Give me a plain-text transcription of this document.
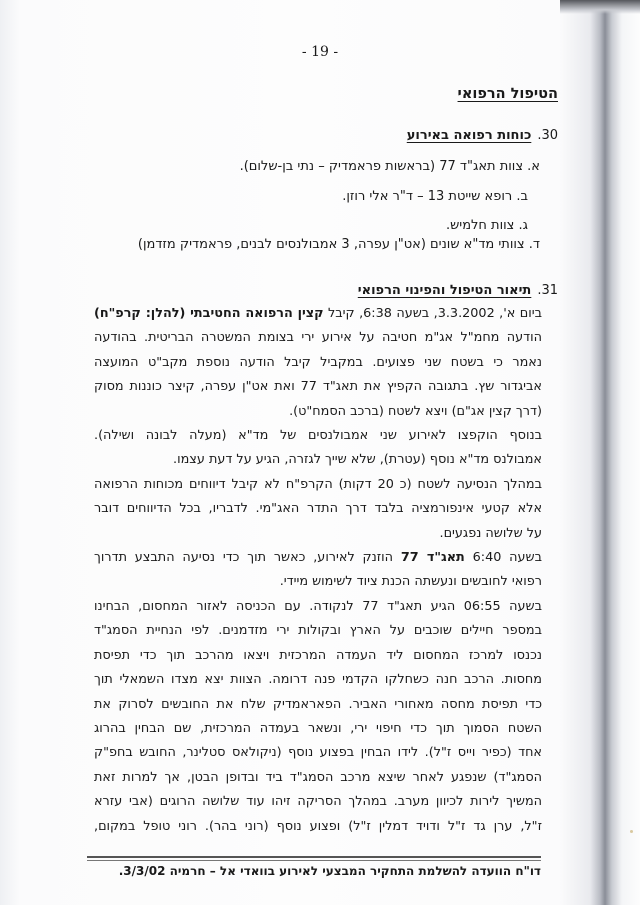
- 19 -
הטיפול הרפואי
30.כוחות רפואה באירוע
א. צוות תאג"ד 77 (בראשות פראמדיק – נתי בן-שלום).
ב. רופא שייטת 13 – ד"ר אלי רוזן.
ג. צוות חלמיש.
ד. צוותי מד"א שונים (אט"ן עפרה, 3 אמבולנסים לבנים, פראמדיק מזדמן)
31.תיאור הטיפול והפינוי הרפואי
ביום א', 3.3.2002, בשעה 6:38, קיבל קצין הרפואה החטיבתי (להלן: קרפ"ח)
הודעה מחמ"ל אג"מ חטיבה על אירוע ירי בצומת המשטרה הבריטית. בהודעה
נאמר כי בשטח שני פצועים. במקביל קיבל הודעה נוספת מקב"ט המועצה
אביגדור שץ. בתגובה הקפיץ את תאג"ד 77 ואת אט"ן עפרה, קיצר כוננות מסוק
(דרך קצין אג"ם) ויצא לשטח (ברכב הסמח"ט).
בנוסף הוקפצו לאירוע שני אמבולנסים של מד"א (מעלה לבונה ושילה).
אמבולנס מד"א נוסף (עטרת), שלא שייך לגזרה, הגיע על דעת עצמו.
במהלך הנסיעה לשטח (כ 20 דקות) הקרפ"ח לא קיבל דיווחים מכוחות הרפואה
אלא קטעי אינפורמציה בלבד דרך התדר האג"מי. לדבריו, בכל הדיווחים דובר
על שלושה נפגעים.
בשעה 6:40 תאג"ד 77 הוזנק לאירוע, כאשר תוך כדי נסיעה התבצע תדרוך
רפואי לחובשים ונעשתה הכנת ציוד לשימוש מיידי.
בשעה 06:55 הגיע תאג"ד 77 לנקודה. עם הכניסה לאזור המחסום, הבחינו
במספר חיילים שוכבים על הארץ ובקולות ירי מזדמנים. לפי הנחיית הסמג"ד
נכנסו למרכז המחסום ליד העמדה המרכזית ויצאו מהרכב תוך כדי תפיסת
מחסות. הרכב חנה כשחלקו הקדמי פנה דרומה. הצוות יצא מצדו השמאלי תוך
כדי תפיסת מחסה מאחורי האביר. הפאראמדיק שלח את החובשים לסרוק את
השטח הסמוך תוך כדי חיפוי ירי, ונשאר בעמדה המרכזית, שם הבחין בהרוג
אחד (כפיר וייס ז"ל). לידו הבחין בפצוע נוסף (ניקולאס סטלינר, החובש בחפ"ק
הסמג"ד) שנפגע לאחר שיצא מרכב הסמג"ד ביד ובדופן הבטן, אך למרות זאת
המשיך לירות לכיוון מערב. במהלך הסריקה זיהו עוד שלושה הרוגים (אבי עזרא
ז"ל, ערן גד ז"ל ודויד דמלין ז"ל) ופצוע נוסף (רוני בהר). רוני טופל במקום,
דו"ח הוועדה להשלמת התחקיר המבצעי לאירוע בוואדי אל – חרמיה 3/3/02.
